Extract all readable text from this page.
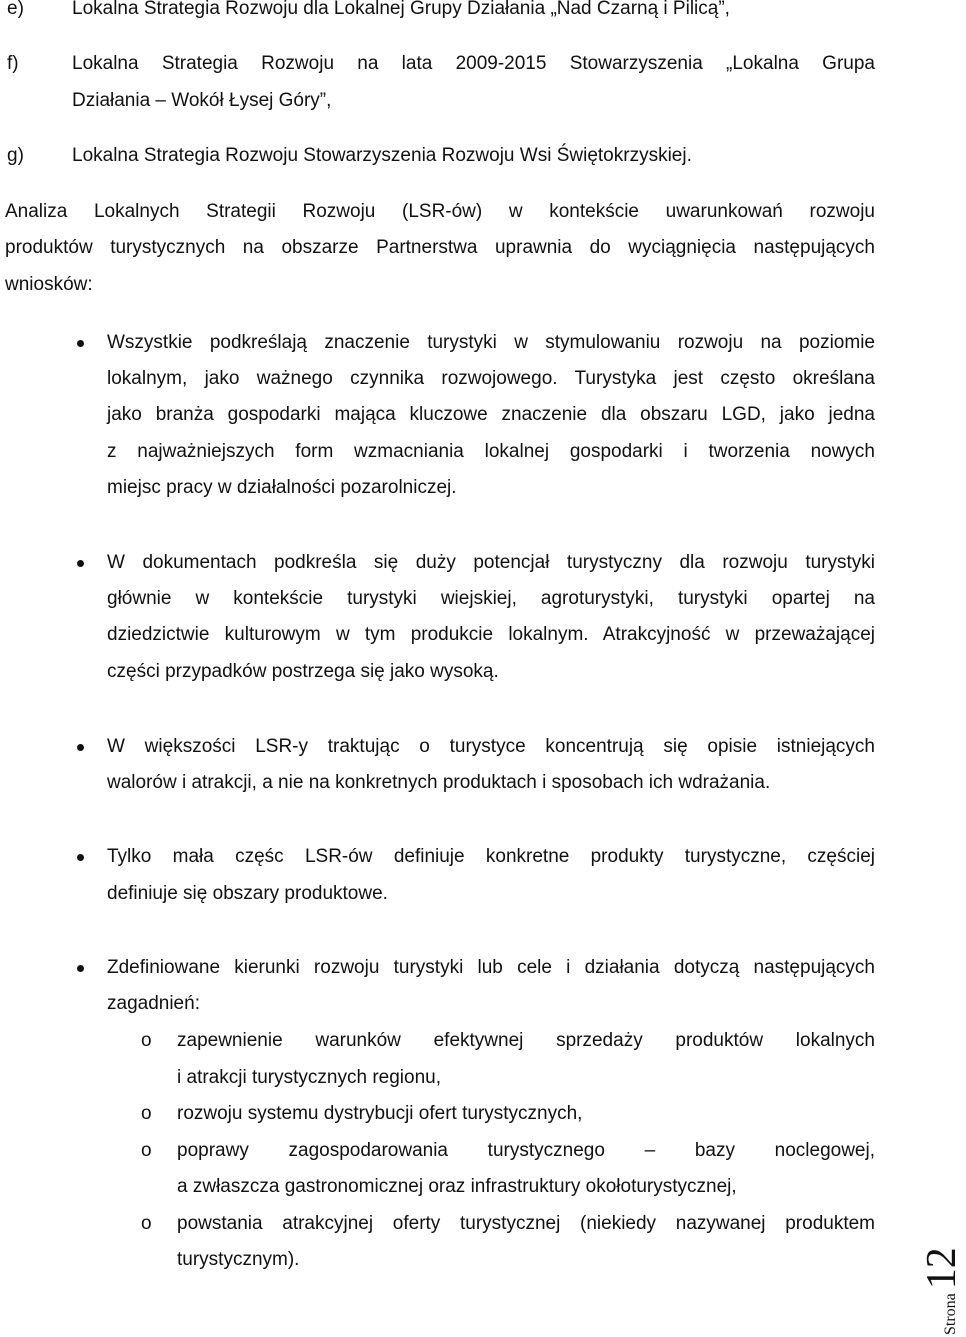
e)	Lokalna Strategia Rozwoju dla Lokalnej Grupy Działania „Nad Czarną i Pilicą”,
f)	Lokalna Strategia Rozwoju na lata 2009-2015 Stowarzyszenia „Lokalna Grupa
Działania – Wokół Łysej Góry”,
g)	Lokalna Strategia Rozwoju Stowarzyszenia Rozwoju Wsi Świętokrzyskiej.
Analiza Lokalnych Strategii Rozwoju (LSR-ów) w kontekście uwarunkowań rozwoju
produktów turystycznych na obszarze Partnerstwa uprawnia do wyciągnięcia następujących
wniosków:
Wszystkie podkreślają znaczenie turystyki w stymulowaniu rozwoju na poziomie
lokalnym, jako ważnego czynnika rozwojowego. Turystyka jest często określana
jako branża gospodarki mająca kluczowe znaczenie dla obszaru LGD, jako jedna
z najważniejszych form wzmacniania lokalnej gospodarki i tworzenia nowych
miejsc pracy w działalności pozarolniczej.
W dokumentach podkreśla się duży potencjał turystyczny dla rozwoju turystyki
głównie w kontekście turystyki wiejskiej, agroturystyki, turystyki opartej na
dziedzictwie kulturowym w tym produkcie lokalnym. Atrakcyjność w przeważającej
części przypadków postrzega się jako wysoką.
W większości LSR-y traktując o turystyce koncentrują się opisie istniejących
walorów i atrakcji, a nie na konkretnych produktach i sposobach ich wdrażania.
Tylko mała częśc LSR-ów definiuje konkretne produkty turystyczne, częściej
definiuje się obszary produktowe.
Zdefiniowane kierunki rozwoju turystyki lub cele i działania dotyczą następujących
zagadnień:
o zapewnienie warunków efektywnej sprzedaży produktów lokalnych
i atrakcji turystycznych regionu,
o rozwoju systemu dystrybucji ofert turystycznych,
o poprawy zagospodarowania turystycznego – bazy noclegowej,
a zwłaszcza gastronomicznej oraz infrastruktury okołoturystycznej,
o powstania atrakcyjnej oferty turystycznej (niekiedy nazywanej produktem
turystycznym).
Strona12
